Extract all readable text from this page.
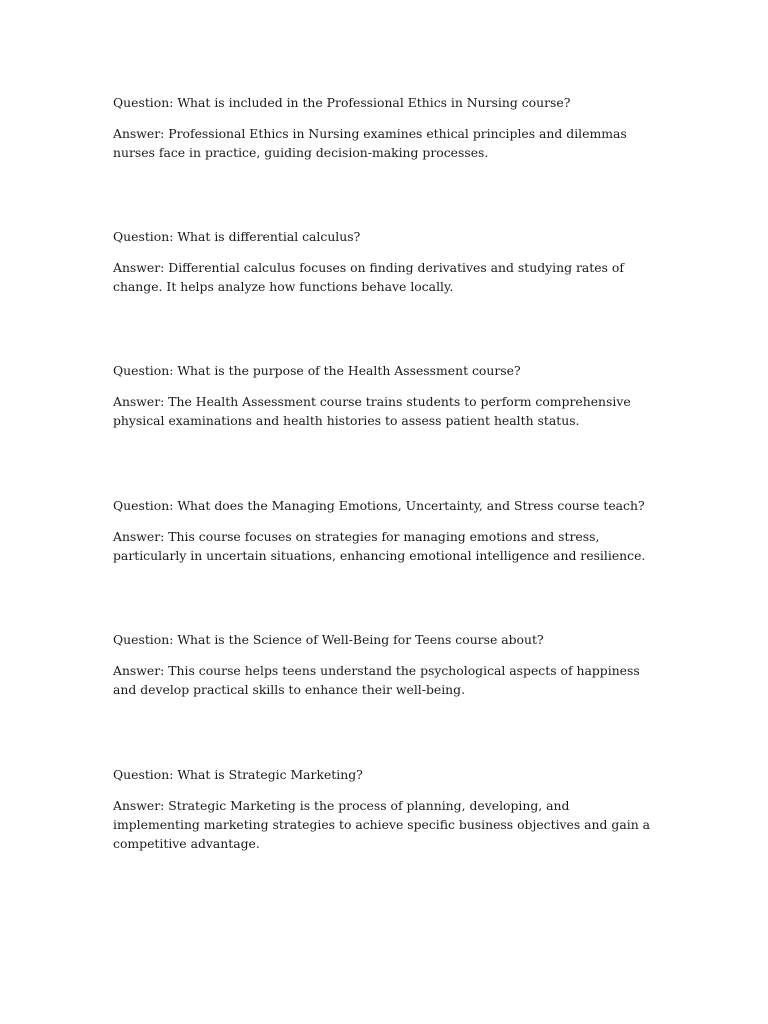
Question: What is included in the Professional Ethics in Nursing course?

Answer: Professional Ethics in Nursing examines ethical principles and dilemmas nurses face in practice, guiding decision-making processes.

Question: What is differential calculus?

Answer: Differential calculus focuses on finding derivatives and studying rates of change. It helps analyze how functions behave locally.

Question: What is the purpose of the Health Assessment course?

Answer: The Health Assessment course trains students to perform comprehensive physical examinations and health histories to assess patient health status.

Question: What does the Managing Emotions, Uncertainty, and Stress course teach?

Answer: This course focuses on strategies for managing emotions and stress, particularly in uncertain situations, enhancing emotional intelligence and resilience.

Question: What is the Science of Well-Being for Teens course about?

Answer: This course helps teens understand the psychological aspects of happiness and develop practical skills to enhance their well-being.

Question: What is Strategic Marketing?

Answer: Strategic Marketing is the process of planning, developing, and implementing marketing strategies to achieve specific business objectives and gain a competitive advantage.
